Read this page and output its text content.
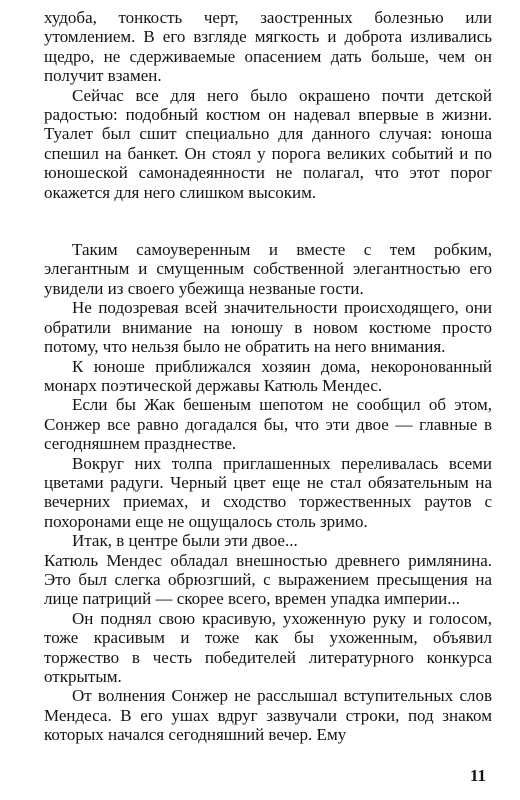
худоба, тонкость черт, заостренных болезнью или утомлением. В его взгляде мягкость и доброта изливались щедро, не сдерживаемые опасением дать больше, чем он получит взамен.

Сейчас все для него было окрашено почти детской радостью: подобный костюм он надевал впервые в жизни. Туалет был сшит специально для данного случая: юноша спешил на банкет. Он стоял у порога великих событий и по юношеской самонадеянности не полагал, что этот порог окажется для него слишком высоким.

Таким самоуверенным и вместе с тем робким, элегантным и смущенным собственной элегантностью его увидели из своего убежища незваные гости.

Не подозревая всей значительности происходящего, они обратили внимание на юношу в новом костюме просто потому, что нельзя было не обратить на него внимания.

К юноше приближался хозяин дома, некоронованный монарх поэтической державы Катюль Мендес.

Если бы Жак бешеным шепотом не сообщил об этом, Сонжер все равно догадался бы, что эти двое — главные в сегодняшнем празднестве.

Вокруг них толпа приглашенных переливалась всеми цветами радуги. Черный цвет еще не стал обязательным на вечерних приемах, и сходство торжественных раутов с похоронами еще не ощущалось столь зримо.

Итак, в центре были эти двое...

Катюль Мендес обладал внешностью древнего римлянина. Это был слегка обрюзгший, с выражением пресыщения на лице патриций — скорее всего, времен упадка империи...

Он поднял свою красивую, ухоженную руку и голосом, тоже красивым и тоже как бы ухоженным, объявил торжество в честь победителей литературного конкурса открытым.

От волнения Сонжер не расслышал вступительных слов Мендеса. В его ушах вдруг зазвучали строки, под знаком которых начался сегодняшний вечер. Ему

11
